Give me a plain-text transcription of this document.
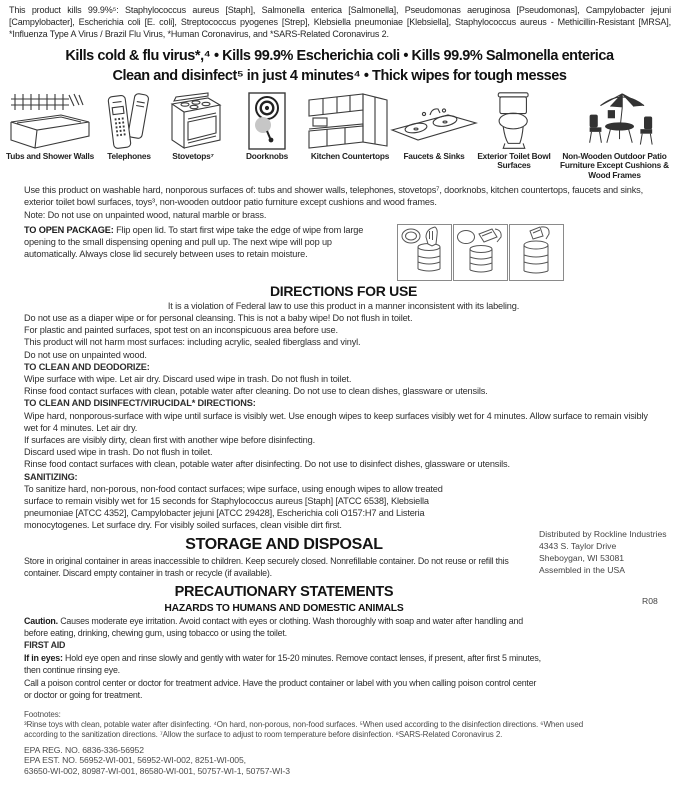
This product kills 99.9%⁵: Staphylococcus aureus [Staph], Salmonella enterica [Salmonella], Pseudomonas aeruginosa [Pseudomonas], Campylobacter jejuni [Campylobacter], Escherichia coli [E. coli], Streptococcus pyogenes [Strep], Klebsiella pneumoniae [Klebsiella], Staphylococcus aureus - Methicillin-Resistant [MRSA], *Influenza Type A Virus / Brazil Flu Virus, *Human Coronavirus, and *SARS-Related Coronavirus 2.

Kills cold & flu virus*,⁴ • Kills 99.9% Escherichia coli • Kills 99.9% Salmonella enterica

Clean and disinfect⁵ in just 4 minutes⁴ • Thick wipes for tough messes

Tubs and Shower Walls Telephones	Stovetops⁷	Doorknobs	Kitchen Countertops Faucets & Sinks Exterior Toilet Bowl Surfaces
Non-Wooden Outdoor Patio Furniture Except Cushions & Wood Frames

Use this product on washable hard, nonporous surfaces of: tubs and shower walls, telephones, stovetops⁷, doorknobs, kitchen countertops, faucets and sinks, exterior toilet bowl surfaces, toys³, non-wooden outdoor patio furniture except cushions and wood frames.

Note: Do not use on unpainted wood, natural marble or brass.

TO OPEN PACKAGE: Flip open lid. To start first wipe take the edge of wipe from large opening to the small dispensing opening and pull up. The next wipe will pop up automatically. Always close lid securely between uses to retain moisture.

DIRECTIONS FOR USE

It is a violation of Federal law to use this product in a manner inconsistent with its labeling.

Do not use as a diaper wipe or for personal cleansing. This is not a baby wipe! Do not flush in toilet.

For plastic and painted surfaces, spot test on an inconspicuous area before use.

This product will not harm most surfaces: including acrylic, sealed fiberglass and vinyl.

Do not use on unpainted wood.

TO CLEAN AND DEODORIZE:

Wipe surface with wipe. Let air dry. Discard used wipe in trash. Do not flush in toilet.

Rinse food contact surfaces with clean, potable water after cleaning. Do not use to clean dishes, glassware or utensils.

TO CLEAN AND DISINFECT/VIRUCIDAL* DIRECTIONS:

Wipe hard, nonporous-surface with wipe until surface is visibly wet. Use enough wipes to keep surfaces visibly wet for 4 minutes. Allow surface to remain visibly wet for 4 minutes. Let air dry.

If surfaces are visibly dirty, clean first with another wipe before disinfecting.

Discard used wipe in trash. Do not flush in toilet.

Rinse food contact surfaces with clean, potable water after disinfecting. Do not use to disinfect dishes, glassware or utensils.

SANITIZING:

To sanitize hard, non-porous, non-food contact surfaces; wipe surface, using enough wipes to allow treated surface to remain visibly wet for 15 seconds for Staphylococcus aureus [Staph] [ATCC 6538], Klebsiella pneumoniae [ATCC 4352], Campylobacter jejuni [ATCC 29428], Escherichia coli O157:H7 and Listeria monocytogenes. Let surface dry. For visibly soiled surfaces, clean visible dirt first.

STORAGE AND DISPOSAL

Store in original container in areas inaccessible to children. Keep securely closed. Nonrefillable container. Do not reuse or refill this container. Discard empty container in trash or recycle (if available).

PRECAUTIONARY STATEMENTS
HAZARDS TO HUMANS AND DOMESTIC ANIMALS

Caution. Causes moderate eye irritation. Avoid contact with eyes or clothing. Wash thoroughly with soap and water after handling and before eating, drinking, chewing gum, using tobacco or using the toilet.

FIRST AID

If in eyes: Hold eye open and rinse slowly and gently with water for 15-20 minutes. Remove contact lenses, if present, after first 5 minutes, then continue rinsing eye.

Call a poison control center or doctor for treatment advice. Have the product container or label with you when calling poison control center or doctor or going for treatment.

Footnotes:

³Rinse toys with clean, potable water after disinfecting. ⁴On hard, non-porous, non-food surfaces. ⁵When used according to the disinfection directions. ⁶When used according to the sanitization directions. ⁷Allow the surface to adjust to room temperature before disinfection. ⁸SARS-Related Coronavirus 2.

EPA REG. NO. 6836-336-56952

EPA EST. NO. 56952-WI-001, 56952-WI-002, 8251-WI-005,

63650-WI-002, 80987-WI-001, 86580-WI-001, 50757-WI-1, 50757-WI-3

Distributed by Rockline Industries

4343 S. Taylor Drive

Sheboygan, WI 53081

Assembled in the USA

R08
